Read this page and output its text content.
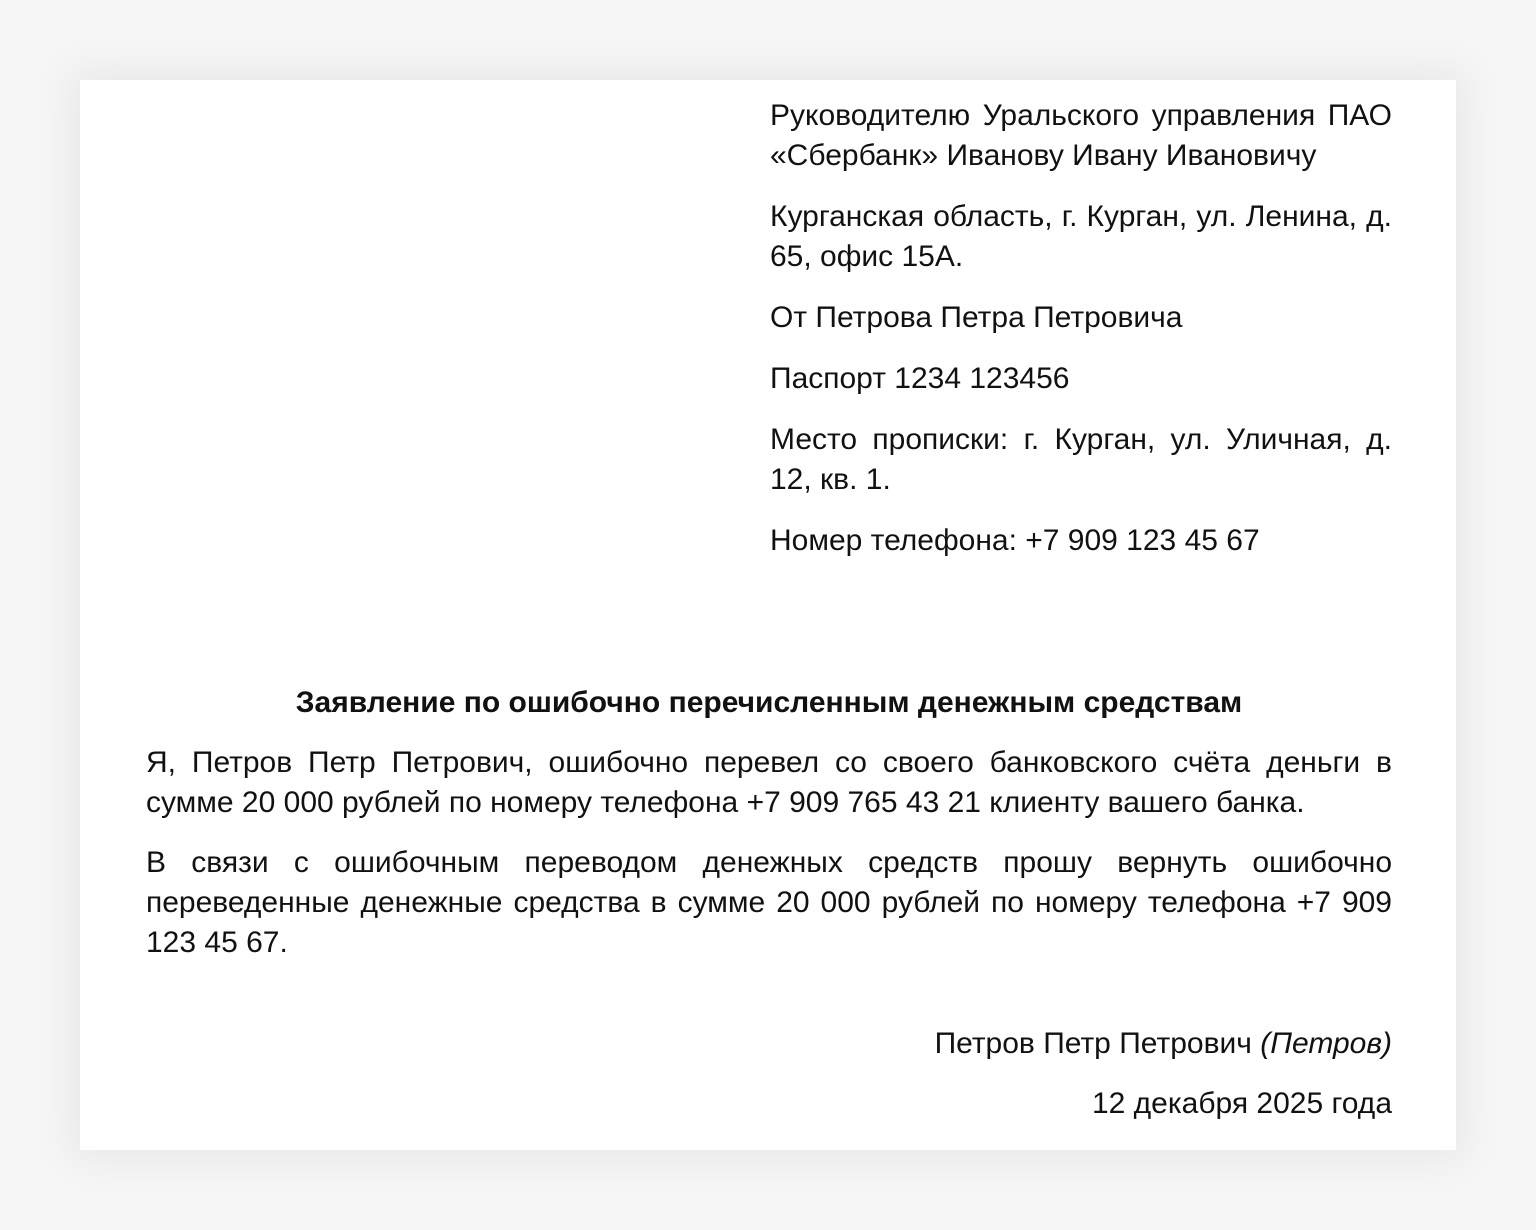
Руководителю Уральского управления ПАО «Сбербанк» Иванову Ивану Ивановичу

Курганская область, г. Курган, ул. Ленина, д. 65, офис 15А.

От Петрова Петра Петровича

Паспорт 1234 123456

Место прописки: г. Курган, ул. Уличная, д. 12, кв. 1.

Номер телефона: +7 909 123 45 67

Заявление по ошибочно перечисленным денежным средствам

Я, Петров Петр Петрович, ошибочно перевел со своего банковского счёта деньги в сумме 20 000 рублей по номеру телефона +7 909 765 43 21 клиенту вашего банка.

В связи с ошибочным переводом денежных средств прошу вернуть ошибочно переведенные денежные средства в сумме 20 000 рублей по номеру телефона +7 909 123 45 67.

Петров Петр Петрович (Петров)
12 декабря 2025 года
